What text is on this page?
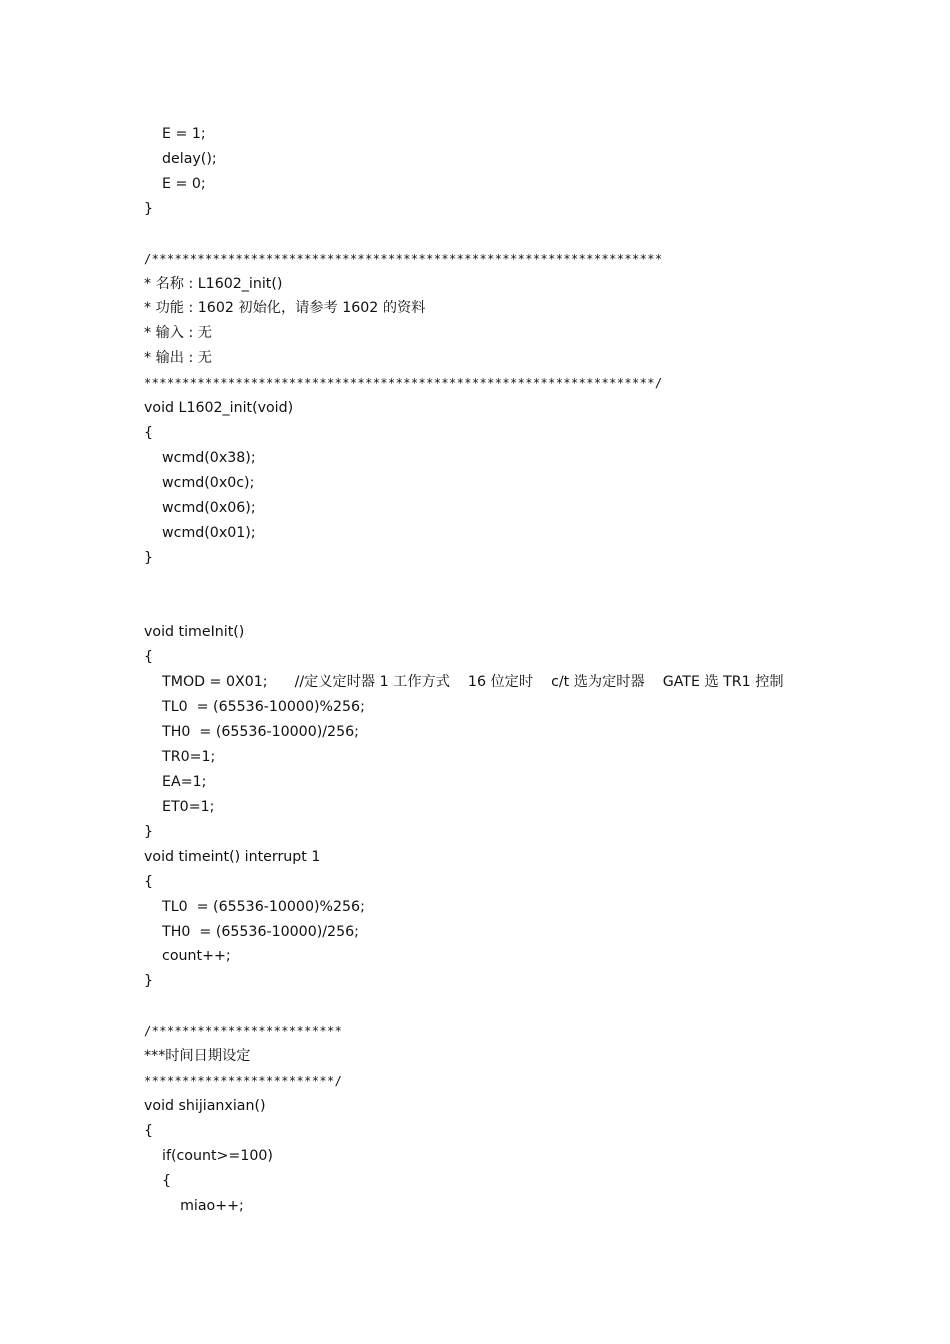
E = 1;
delay();
E = 0;
}
/*******************************************************************
* 名称 : L1602_init()
* 功能 : 1602 初始化，请参考 1602 的资料
* 输入 : 无
* 输出 : 无
*******************************************************************/
void L1602_init(void)
{
wcmd(0x38);
wcmd(0x0c);
wcmd(0x06);
wcmd(0x01);
}
void timeInit()
{
TMOD = 0X01;      //定义定时器 1 工作方式    16 位定时    c/t 选为定时器    GATE 选 TR1 控制
TL0  = (65536-10000)%256;
TH0  = (65536-10000)/256;
TR0=1;
EA=1;
ET0=1;
}
void timeint() interrupt 1
{
TL0  = (65536-10000)%256;
TH0  = (65536-10000)/256;
count++;
}
/*************************
***时间日期设定
*************************/
void shijianxian()
{
if(count>=100)
{
miao++;
